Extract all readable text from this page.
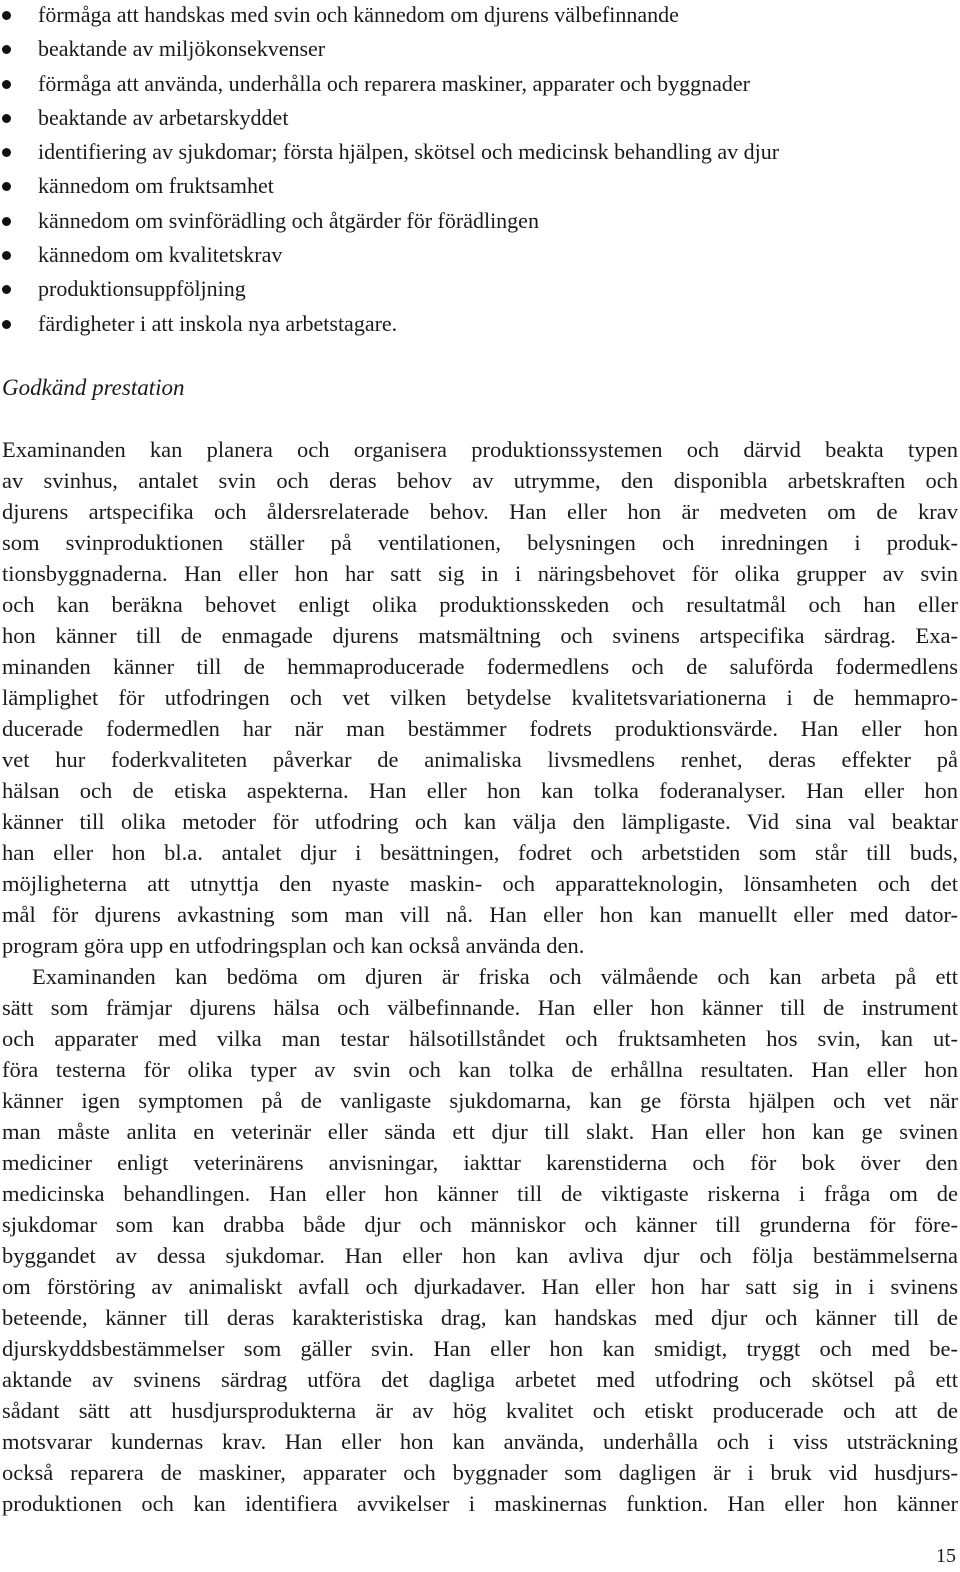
förmåga att handskas med svin och kännedom om djurens välbefinnande
beaktande av miljökonsekvenser
förmåga att använda, underhålla och reparera maskiner, apparater och byggnader
beaktande av arbetarskyddet
identifiering av sjukdomar; första hjälpen, skötsel och medicinsk behandling av djur
kännedom om fruktsamhet
kännedom om svinförädling och åtgärder för förädlingen
kännedom om kvalitetskrav
produktionsuppföljning
färdigheter i att inskola nya arbetstagare.
Godkänd prestation
Examinanden kan planera och organisera produktionssystemen och därvid beakta typen
av svinhus, antalet svin och deras behov av utrymme, den disponibla arbetskraften och
djurens artspecifika och åldersrelaterade behov. Han eller hon är medveten om de krav
som svinproduktionen ställer på ventilationen, belysningen och inredningen i produk-
tionsbyggnaderna. Han eller hon har satt sig in i näringsbehovet för olika grupper av svin
och kan beräkna behovet enligt olika produktionsskeden och resultatmål och han eller
hon känner till de enmagade djurens matsmältning och svinens artspecifika särdrag. Exa-
minanden känner till de hemmaproducerade fodermedlens och de saluförda fodermedlens
lämplighet för utfodringen och vet vilken betydelse kvalitetsvariationerna i de hemmapro-
ducerade fodermedlen har när man bestämmer fodrets produktionsvärde. Han eller hon
vet hur foderkvaliteten påverkar de animaliska livsmedlens renhet, deras effekter på
hälsan och de etiska aspekterna. Han eller hon kan tolka foderanalyser. Han eller hon
känner till olika metoder för utfodring och kan välja den lämpligaste. Vid sina val beaktar
han eller hon bl.a. antalet djur i besättningen, fodret och arbetstiden som står till buds,
möjligheterna att utnyttja den nyaste maskin- och apparatteknologin, lönsamheten och det
mål för djurens avkastning som man vill nå. Han eller hon kan manuellt eller med dator-
program göra upp en utfodringsplan och kan också använda den.
Examinanden kan bedöma om djuren är friska och välmående och kan arbeta på ett
sätt som främjar djurens hälsa och välbefinnande. Han eller hon känner till de instrument
och apparater med vilka man testar hälsotillståndet och fruktsamheten hos svin, kan ut-
föra testerna för olika typer av svin och kan tolka de erhållna resultaten. Han eller hon
känner igen symptomen på de vanligaste sjukdomarna, kan ge första hjälpen och vet när
man måste anlita en veterinär eller sända ett djur till slakt. Han eller hon kan ge svinen
mediciner enligt veterinärens anvisningar, iakttar karenstiderna och för bok över den
medicinska behandlingen. Han eller hon känner till de viktigaste riskerna i fråga om de
sjukdomar som kan drabba både djur och människor och känner till grunderna för före-
byggandet av dessa sjukdomar. Han eller hon kan avliva djur och följa bestämmelserna
om förstöring av animaliskt avfall och djurkadaver. Han eller hon har satt sig in i svinens
beteende, känner till deras karakteristiska drag, kan handskas med djur och känner till de
djurskyddsbestämmelser som gäller svin. Han eller hon kan smidigt, tryggt och med be-
aktande av svinens särdrag utföra det dagliga arbetet med utfodring och skötsel på ett
sådant sätt att husdjursprodukterna är av hög kvalitet och etiskt producerade och att de
motsvarar kundernas krav. Han eller hon kan använda, underhålla och i viss utsträckning
också reparera de maskiner, apparater och byggnader som dagligen är i bruk vid husdjurs-
produktionen och kan identifiera avvikelser i maskinernas funktion. Han eller hon känner
15
